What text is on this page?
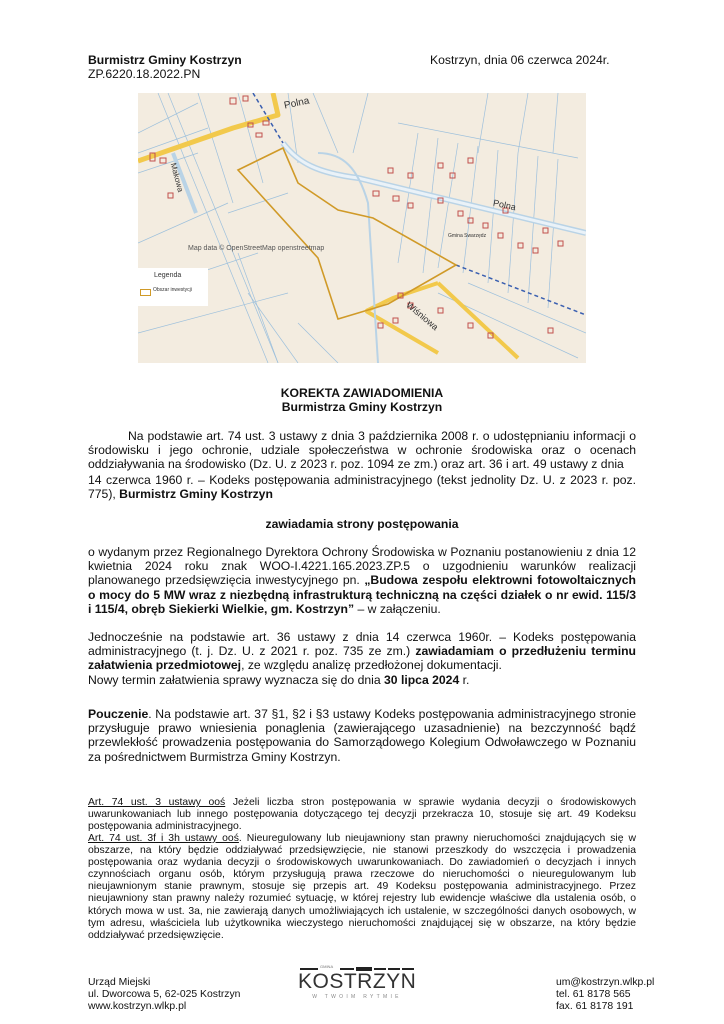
Burmistrz Gminy Kostrzyn
ZP.6220.18.2022.PN
Kostrzyn, dnia 06 czerwca 2024r.
Polna
Polna
Makowa
Wiśniowa
Gmina Swarzędz
Map data © OpenStreetMap openstreetmap
Legenda
Obszar inwestycji
KOREKTA ZAWIADOMIENIA
Burmistrza Gminy Kostrzyn
Na podstawie art. 74 ust. 3 ustawy z dnia 3 października 2008 r. o udostępnianiu informacji o środowisku i jego ochronie, udziale społeczeństwa w ochronie środowiska oraz o ocenach oddziaływania na środowisko (Dz. U. z 2023 r. poz. 1094 ze zm.) oraz art. 36 i art. 49 ustawy z dnia
14 czerwca 1960 r. – Kodeks postępowania administracyjnego (tekst jednolity Dz. U. z 2023 r. poz. 775), Burmistrz Gminy Kostrzyn
zawiadamia strony postępowania
o wydanym przez Regionalnego Dyrektora Ochrony Środowiska w Poznaniu postanowieniu z dnia 12 kwietnia 2024 roku znak WOO-I.4221.165.2023.ZP.5 o uzgodnieniu warunków realizacji planowanego przedsięwzięcia inwestycyjnego pn. „Budowa zespołu elektrowni fotowoltaicznych o mocy do 5 MW wraz z niezbędną infrastrukturą techniczną na części działek o nr ewid. 115/3 i 115/4, obręb Siekierki Wielkie, gm. Kostrzyn” – w załączeniu.
Jednocześnie na podstawie art. 36 ustawy z dnia 14 czerwca 1960r. – Kodeks postępowania administracyjnego (t. j. Dz. U. z 2021 r. poz. 735 ze zm.) zawiadamiam o przedłużeniu terminu załatwienia przedmiotowej, ze względu analizę przedłożonej dokumentacji.
Nowy termin załatwienia sprawy wyznacza się do dnia 30 lipca 2024 r.
Pouczenie. Na podstawie art. 37 §1, §2 i §3 ustawy Kodeks postępowania administracyjnego stronie przysługuje prawo wniesienia ponaglenia (zawierającego uzasadnienie) na bezczynność bądź przewlekłość prowadzenia postępowania do Samorządowego Kolegium Odwoławczego w Poznaniu za pośrednictwem Burmistrza Gminy Kostrzyn.
Art. 74 ust. 3 ustawy ooś Jeżeli liczba stron postępowania w sprawie wydania decyzji o środowiskowych uwarunkowaniach lub innego postępowania dotyczącego tej decyzji przekracza 10, stosuje się art. 49 Kodeksu postępowania administracyjnego.
Art. 74 ust. 3f i 3h ustawy ooś. Nieuregulowany lub nieujawniony stan prawny nieruchomości znajdujących się w obszarze, na który będzie oddziaływać przedsięwzięcie, nie stanowi przeszkody do wszczęcia i prowadzenia postępowania oraz wydania decyzji o środowiskowych uwarunkowaniach. Do zawiadomień o decyzjach i innych czynnościach organu osób, którym przysługują prawa rzeczowe do nieruchomości o nieuregulowanym lub nieujawnionym stanie prawnym, stosuje się przepis art. 49 Kodeksu postępowania administracyjnego. Przez nieujawniony stan prawny należy rozumieć sytuację, w której rejestry lub ewidencje właściwe dla ustalenia osób, o których mowa w ust. 3a, nie zawierają danych umożliwiających ich ustalenie, w szczególności danych osobowych, w tym adresu, właściciela lub użytkownika wieczystego nieruchomości znajdującej się w obszarze, na który będzie oddziaływać przedsięwzięcie.
Urząd Miejski
ul. Dworcowa 5, 62-025 Kostrzyn
www.kostrzyn.wlkp.pl
GMINA
KOSTRZYN
W TWOIM RYTMIE
um@kostrzyn.wlkp.pl
tel. 61 8178 565
fax. 61 8178 191
